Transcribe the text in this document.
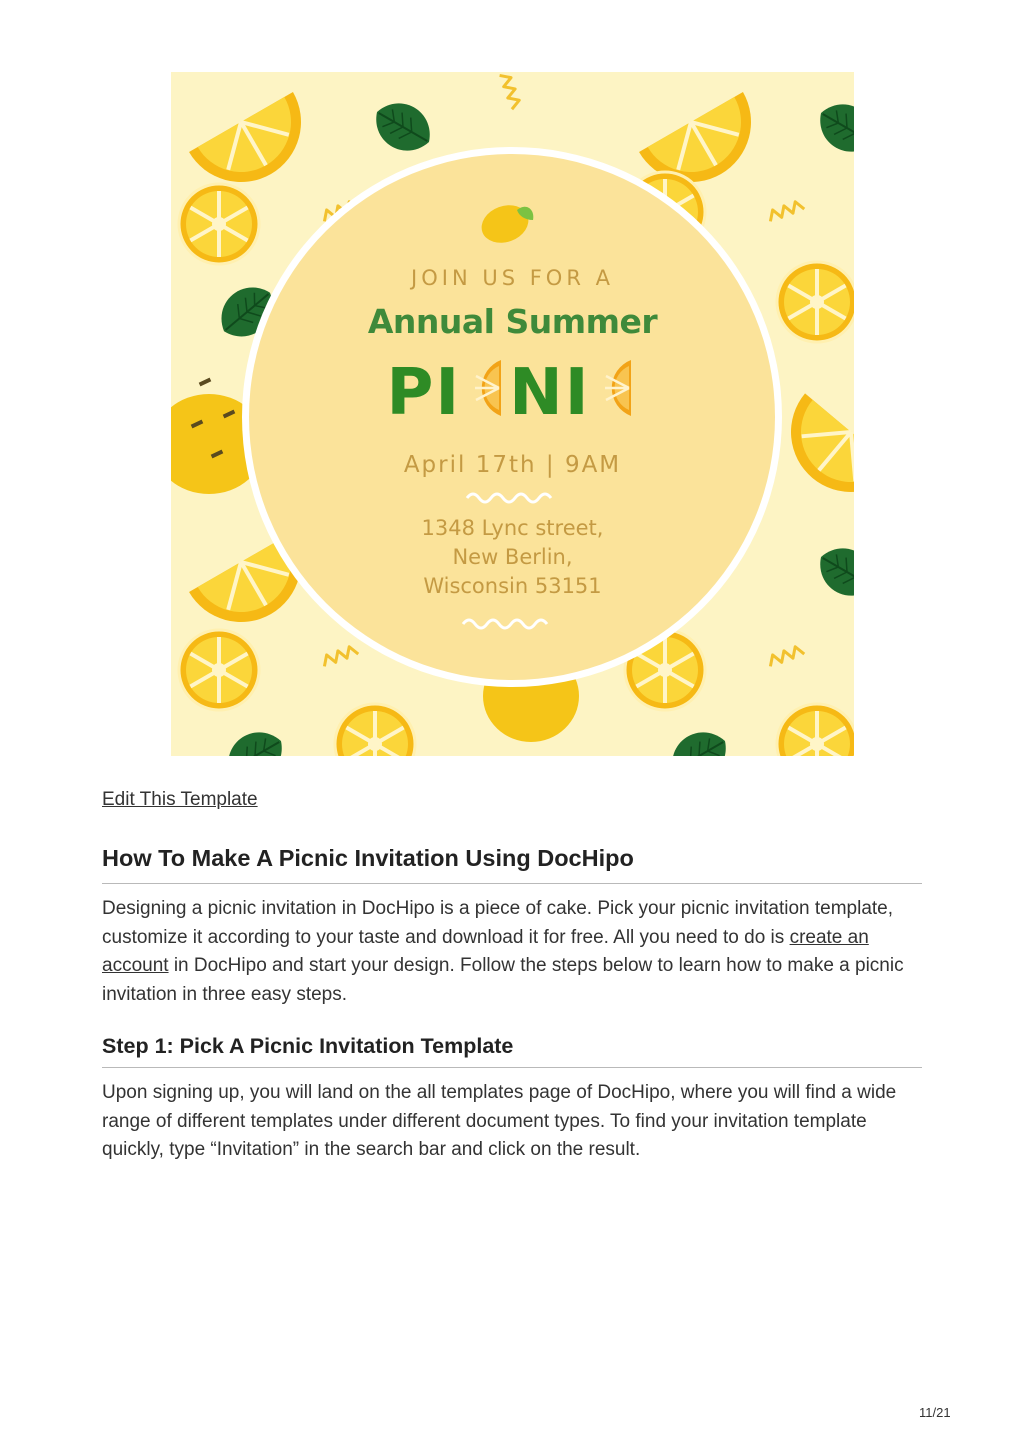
JOIN US FOR A
Annual Summer
PI NI
April 17th | 9AM
1348 Lync street,
New Berlin,
Wisconsin 53151
Edit This Template
How To Make A Picnic Invitation Using DocHipo

Designing a picnic invitation in DocHipo is a piece of cake. Pick your picnic invitation template, customize it according to your taste and download it for free. All you need to do is create an account in DocHipo and start your design. Follow the steps below to learn how to make a picnic invitation in three easy steps.

Step 1: Pick A Picnic Invitation Template

Upon signing up, you will land on the all templates page of DocHipo, where you will find a wide range of different templates under different document types. To find your invitation template quickly, type “Invitation” in the search bar and click on the result.

11/21
